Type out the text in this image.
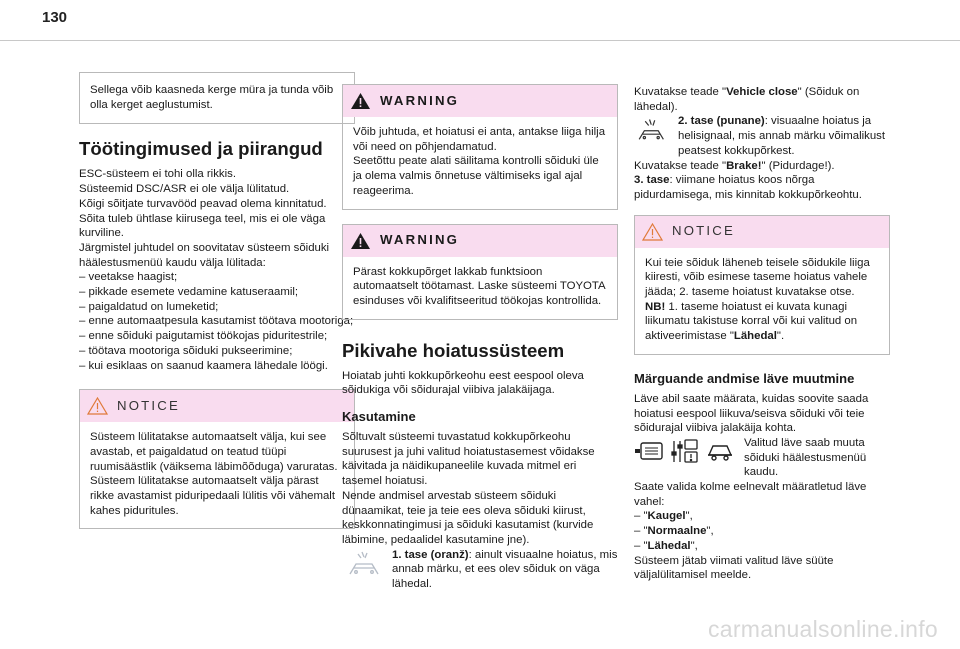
130

Sellega võib kaasneda kerge müra ja tunda võib olla kerget aeglustumist.

Töötingimused ja piirangud

ESC-süsteem ei tohi olla rikkis.

Süsteemid DSC/ASR ei ole välja lülitatud.

Kõigi sõitjate turvavööd peavad olema kinnitatud.

Sõita tuleb ühtlase kiirusega teel, mis ei ole väga kurviline.

Järgmistel juhtudel on soovitatav süsteem sõiduki häälestusmenüü kaudu välja lülitada:

– veetakse haagist;

– pikkade esemete vedamine katuseraamil;

– paigaldatud on lumeketid;

– enne automaatpesula kasutamist töötava mootoriga;

– enne sõiduki paigutamist töökojas piduritestrile;

– töötava mootoriga sõiduki pukseerimine;

– kui esiklaas on saanud kaamera lähedale löögi.

NOTICE

Süsteem lülitatakse automaatselt välja, kui see avastab, et paigaldatud on teatud tüüpi ruumisäästlik (väiksema läbimõõduga) varuratas.

Süsteem lülitatakse automaatselt välja pärast rikke avastamist piduripedaali lülitis või vähemalt kahes piduritules.

WARNING

Võib juhtuda, et hoiatusi ei anta, antakse liiga hilja või need on põhjendamatud.

Seetõttu peate alati säilitama kontrolli sõiduki üle ja olema valmis õnnetuse vältimiseks igal ajal reageerima.

WARNING

Pärast kokkupõrget lakkab funktsioon automaatselt töötamast. Laske süsteemi TOYOTA esinduses või kvalifitseeritud töökojas kontrollida.

Pikivahe hoiatussüsteem

Hoiatab juhti kokkupõrkeohu eest eespool oleva sõidukiga või sõidurajal viibiva jalakäijaga.

Kasutamine

Sõltuvalt süsteemi tuvastatud kokkupõrkeohu suurusest ja juhi valitud hoiatustasemest võidakse käivitada ja näidikupaneelile kuvada mitmel eri tasemel hoiatusi.

Nende andmisel arvestab süsteem sõiduki dünaamikat, teie ja teie ees oleva sõiduki kiirust, keskkonnatingimusi ja sõiduki kasutamist (kurvide läbimine, pedaalidel kasutamine jne).

1. tase (oranž): ainult visuaalne hoiatus, mis annab märku, et ees olev sõiduk on väga lähedal.

Kuvatakse teade "Vehicle close" (Sõiduk on lähedal).

2. tase (punane): visuaalne hoiatus ja helisignaal, mis annab märku võimalikust peatsest kokkupõrkest.

Kuvatakse teade "Brake!" (Pidurdage!).

3. tase: viimane hoiatus koos nõrga pidurdamisega, mis kinnitab kokkupõrkeohtu.

NOTICE

Kui teie sõiduk läheneb teisele sõidukile liiga kiiresti, võib esimese taseme hoiatus vahele jääda; 2. taseme hoiatust kuvatakse otse.

NB! 1. taseme hoiatust ei kuvata kunagi liikumatu takistuse korral või kui valitud on aktiveerimistase "Lähedal".

Märguande andmise läve muutmine

Läve abil saate määrata, kuidas soovite saada hoiatusi eespool liikuva/seisva sõiduki või teie sõidurajal viibiva jalakäija kohta.

Valitud läve saab muuta sõiduki häälestusmenüü kaudu.

Saate valida kolme eelnevalt määratletud läve vahel:

– "Kaugel",

– "Normaalne",

– "Lähedal",

Süsteem jätab viimati valitud läve süüte väljalülitamisel meelde.

carmanualsonline.info
